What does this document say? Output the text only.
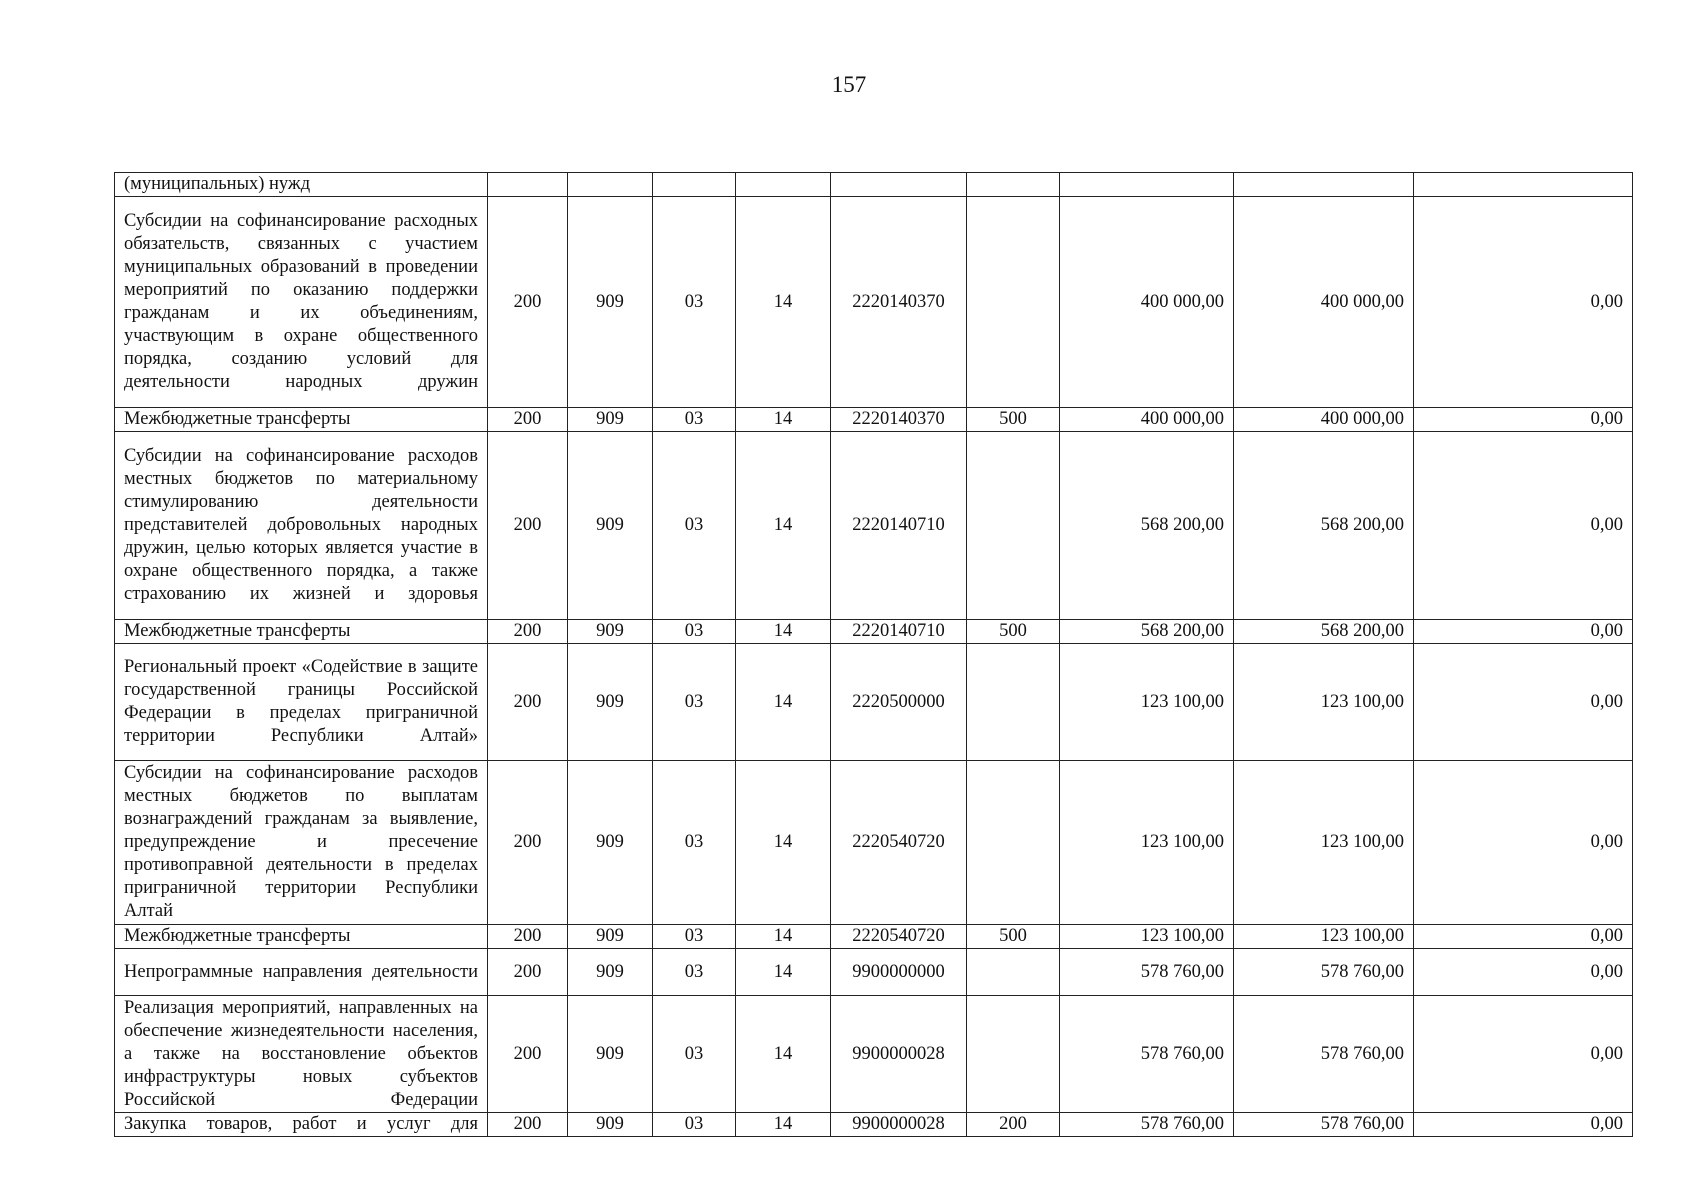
157
(муниципальных) нужд									
Субсидии на софинансирование расходных обязательств, связанных с участием муниципальных образований в проведении мероприятий по оказанию поддержки гражданам и их объединениям, участвующим в охране общественного порядка, созданию условий для деятельности народных дружин	200	909	03	14	2220140370		400 000,00	400 000,00	0,00
Межбюджетные трансферты	200	909	03	14	2220140370	500	400 000,00	400 000,00	0,00
Субсидии на софинансирование расходов местных бюджетов по материальному стимулированию деятельности представителей добровольных народных дружин, целью которых является участие в охране общественного порядка, а также страхованию их жизней и здоровья	200	909	03	14	2220140710		568 200,00	568 200,00	0,00
Межбюджетные трансферты	200	909	03	14	2220140710	500	568 200,00	568 200,00	0,00
Региональный проект «Содействие в защите государственной границы Российской Федерации в пределах приграничной территории Республики Алтай»	200	909	03	14	2220500000		123 100,00	123 100,00	0,00
Субсидии на софинансирование расходов местных бюджетов по выплатам вознаграждений гражданам за выявление, предупреждение и пресечение противоправной деятельности в пределах приграничной территории Республики Алтай	200	909	03	14	2220540720		123 100,00	123 100,00	0,00
Межбюджетные трансферты	200	909	03	14	2220540720	500	123 100,00	123 100,00	0,00
Непрограммные направления деятельности	200	909	03	14	9900000000		578 760,00	578 760,00	0,00
Реализация мероприятий, направленных на обеспечение жизнедеятельности населения, а также на восстановление объектов инфраструктуры новых субъектов Российской Федерации	200	909	03	14	9900000028		578 760,00	578 760,00	0,00
Закупка товаров, работ и услуг для	200	909	03	14	9900000028	200	578 760,00	578 760,00	0,00
